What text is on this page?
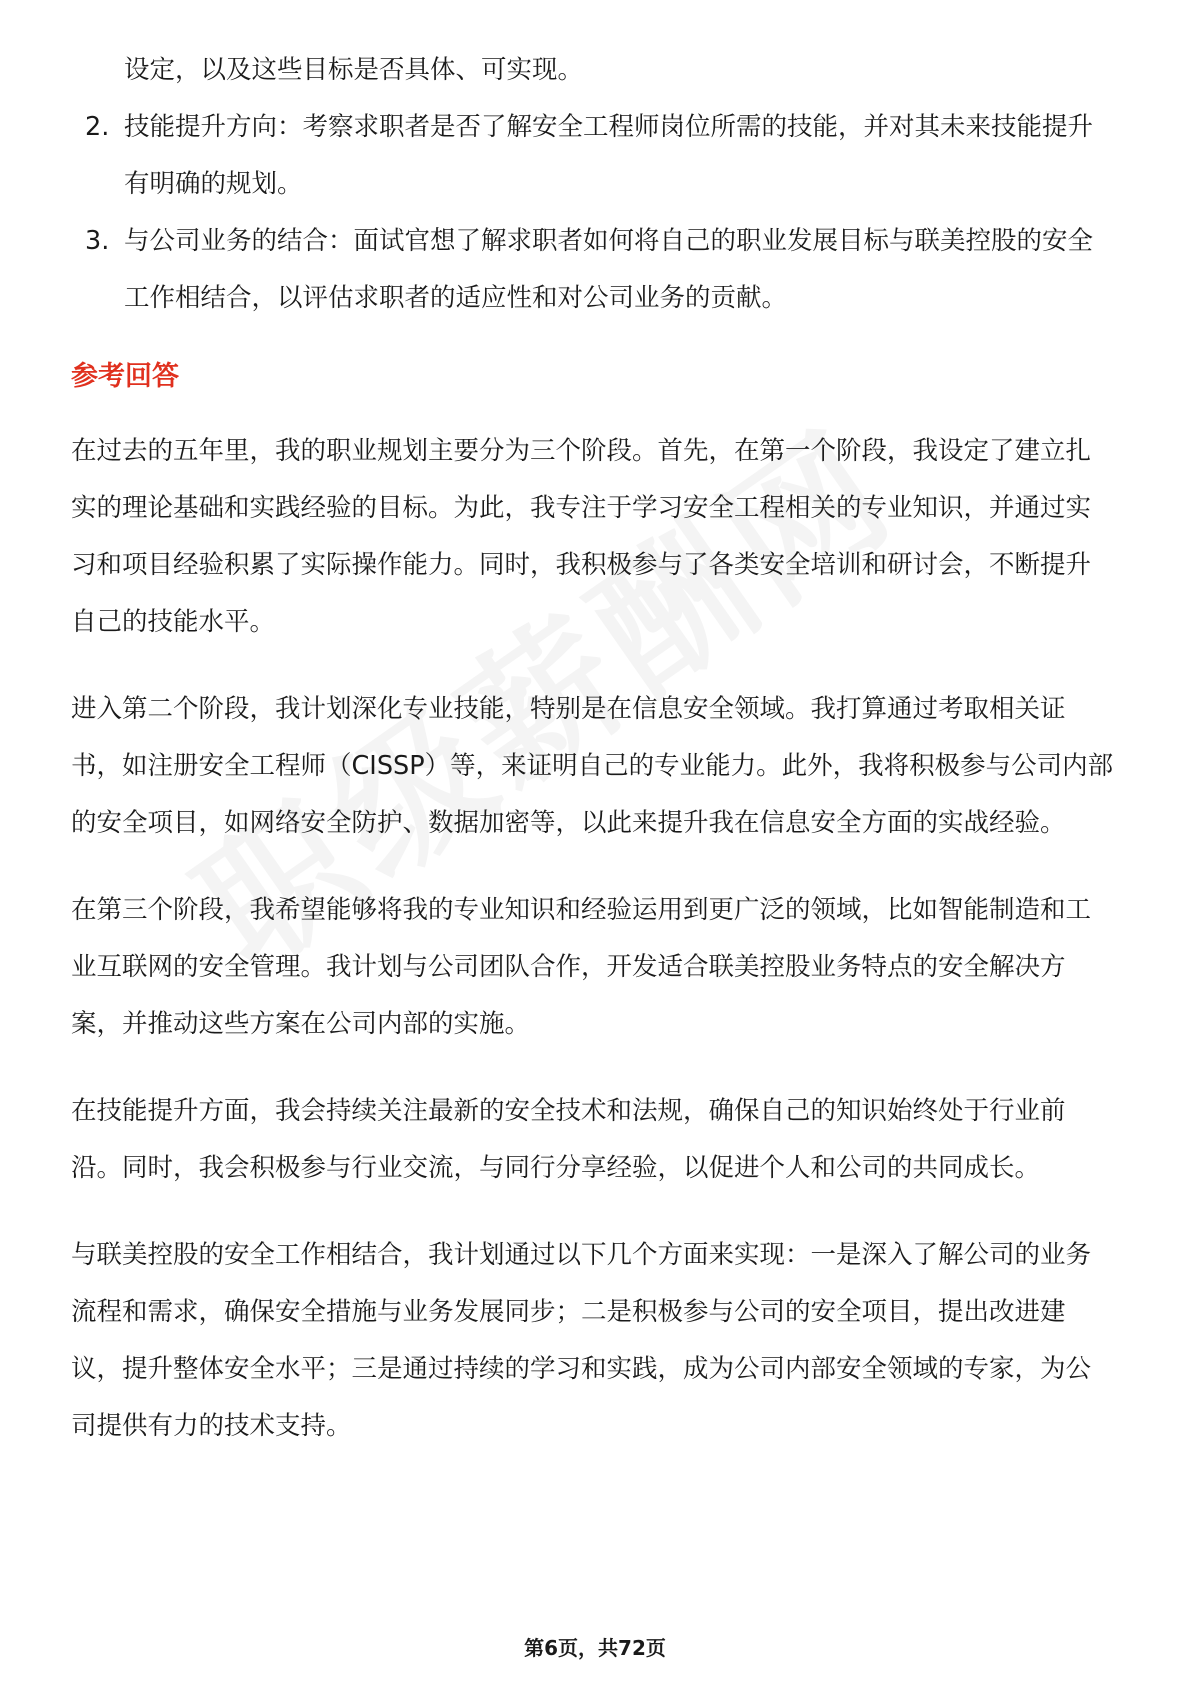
设定，以及这些目标是否具体、可实现。
2. 技能提升方向：考察求职者是否了解安全工程师岗位所需的技能，并对其未来技能提升有明确的规划。
3. 与公司业务的结合：面试官想了解求职者如何将自己的职业发展目标与联美控股的安全工作相结合，以评估求职者的适应性和对公司业务的贡献。
参考回答

在过去的五年里，我的职业规划主要分为三个阶段。首先，在第一个阶段，我设定了建立扎实的理论基础和实践经验的目标。为此，我专注于学习安全工程相关的专业知识，并通过实习和项目经验积累了实际操作能力。同时，我积极参与了各类安全培训和研讨会，不断提升自己的技能水平。

进入第二个阶段，我计划深化专业技能，特别是在信息安全领域。我打算通过考取相关证书，如注册安全工程师（CISSP）等，来证明自己的专业能力。此外，我将积极参与公司内部的安全项目，如网络安全防护、数据加密等，以此来提升我在信息安全方面的实战经验。

在第三个阶段，我希望能够将我的专业知识和经验运用到更广泛的领域，比如智能制造和工业互联网的安全管理。我计划与公司团队合作，开发适合联美控股业务特点的安全解决方案，并推动这些方案在公司内部的实施。

在技能提升方面，我会持续关注最新的安全技术和法规，确保自己的知识始终处于行业前沿。同时，我会积极参与行业交流，与同行分享经验，以促进个人和公司的共同成长。

与联美控股的安全工作相结合，我计划通过以下几个方面来实现：一是深入了解公司的业务流程和需求，确保安全措施与业务发展同步；二是积极参与公司的安全项目，提出改进建议，提升整体安全水平；三是通过持续的学习和实践，成为公司内部安全领域的专家，为公司提供有力的技术支持。

第6页，共72页
